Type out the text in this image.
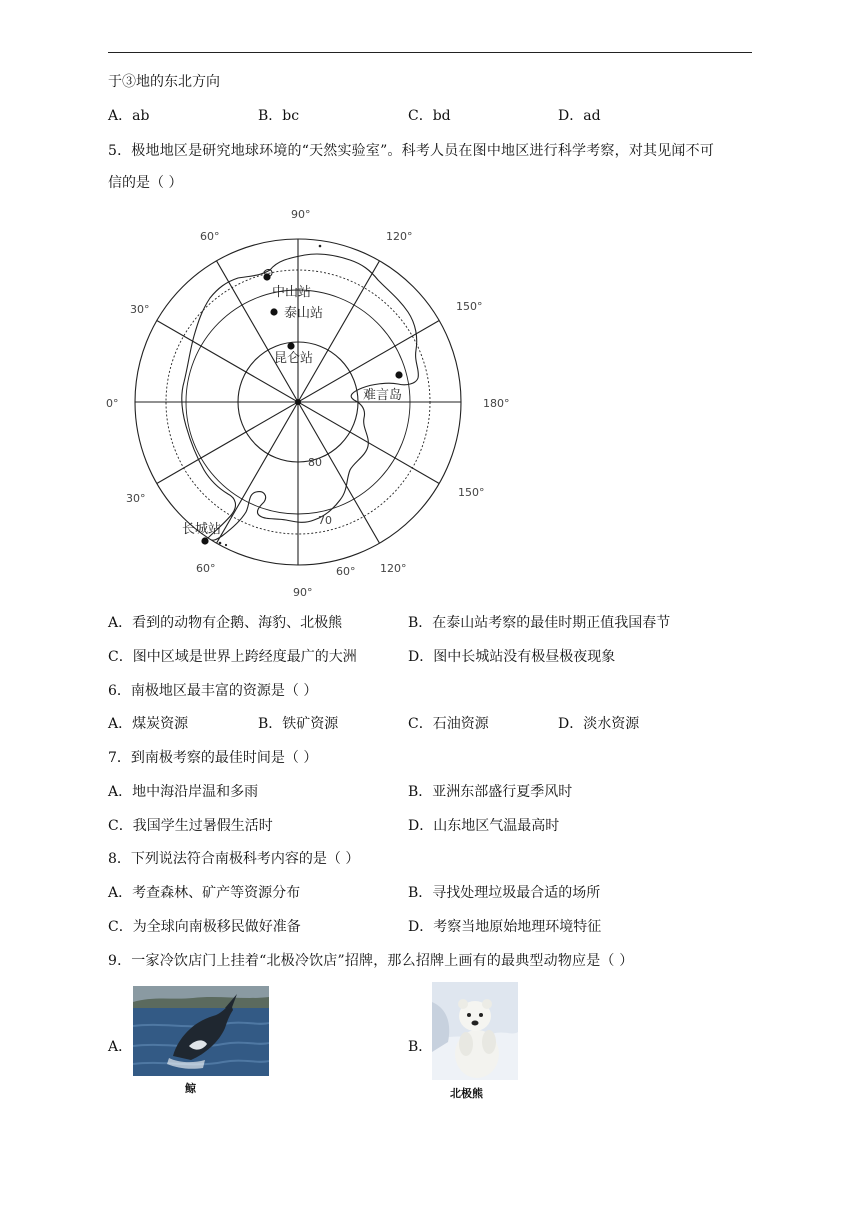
于③地的东北方向
A．ab	B．bc	C．bd	D．ad
5．极地地区是研究地球环境的“天然实验室”。科考人员在图中地区进行科学考察，对其见闻不可
信的是（ ）
90°
120°
150°
180°
150°
120°
90°
60°
60°
30°
0°
30°
60°
80
70
中山站
泰山站
昆仑站
难言岛
长城站
A．看到的动物有企鹅、海豹、北极熊	B．在泰山站考察的最佳时期正值我国春节
C．图中区域是世界上跨经度最广的大洲	D．图中长城站没有极昼极夜现象
6．南极地区最丰富的资源是（ ）
A．煤炭资源	B．铁矿资源	C．石油资源	D．淡水资源
7．到南极考察的最佳时间是（ ）
A．地中海沿岸温和多雨	B．亚洲东部盛行夏季风时
C．我国学生过暑假生活时	D．山东地区气温最高时
8．下列说法符合南极科考内容的是（ ）
A．考查森林、矿产等资源分布	B．寻找处理垃圾最合适的场所
C．为全球向南极移民做好准备	D．考察当地原始地理环境特征
9．一家冷饮店门上挂着“北极冷饮店”招牌，那么招牌上画有的最典型动物应是（ ）
A．
鲸
B．
北极熊
